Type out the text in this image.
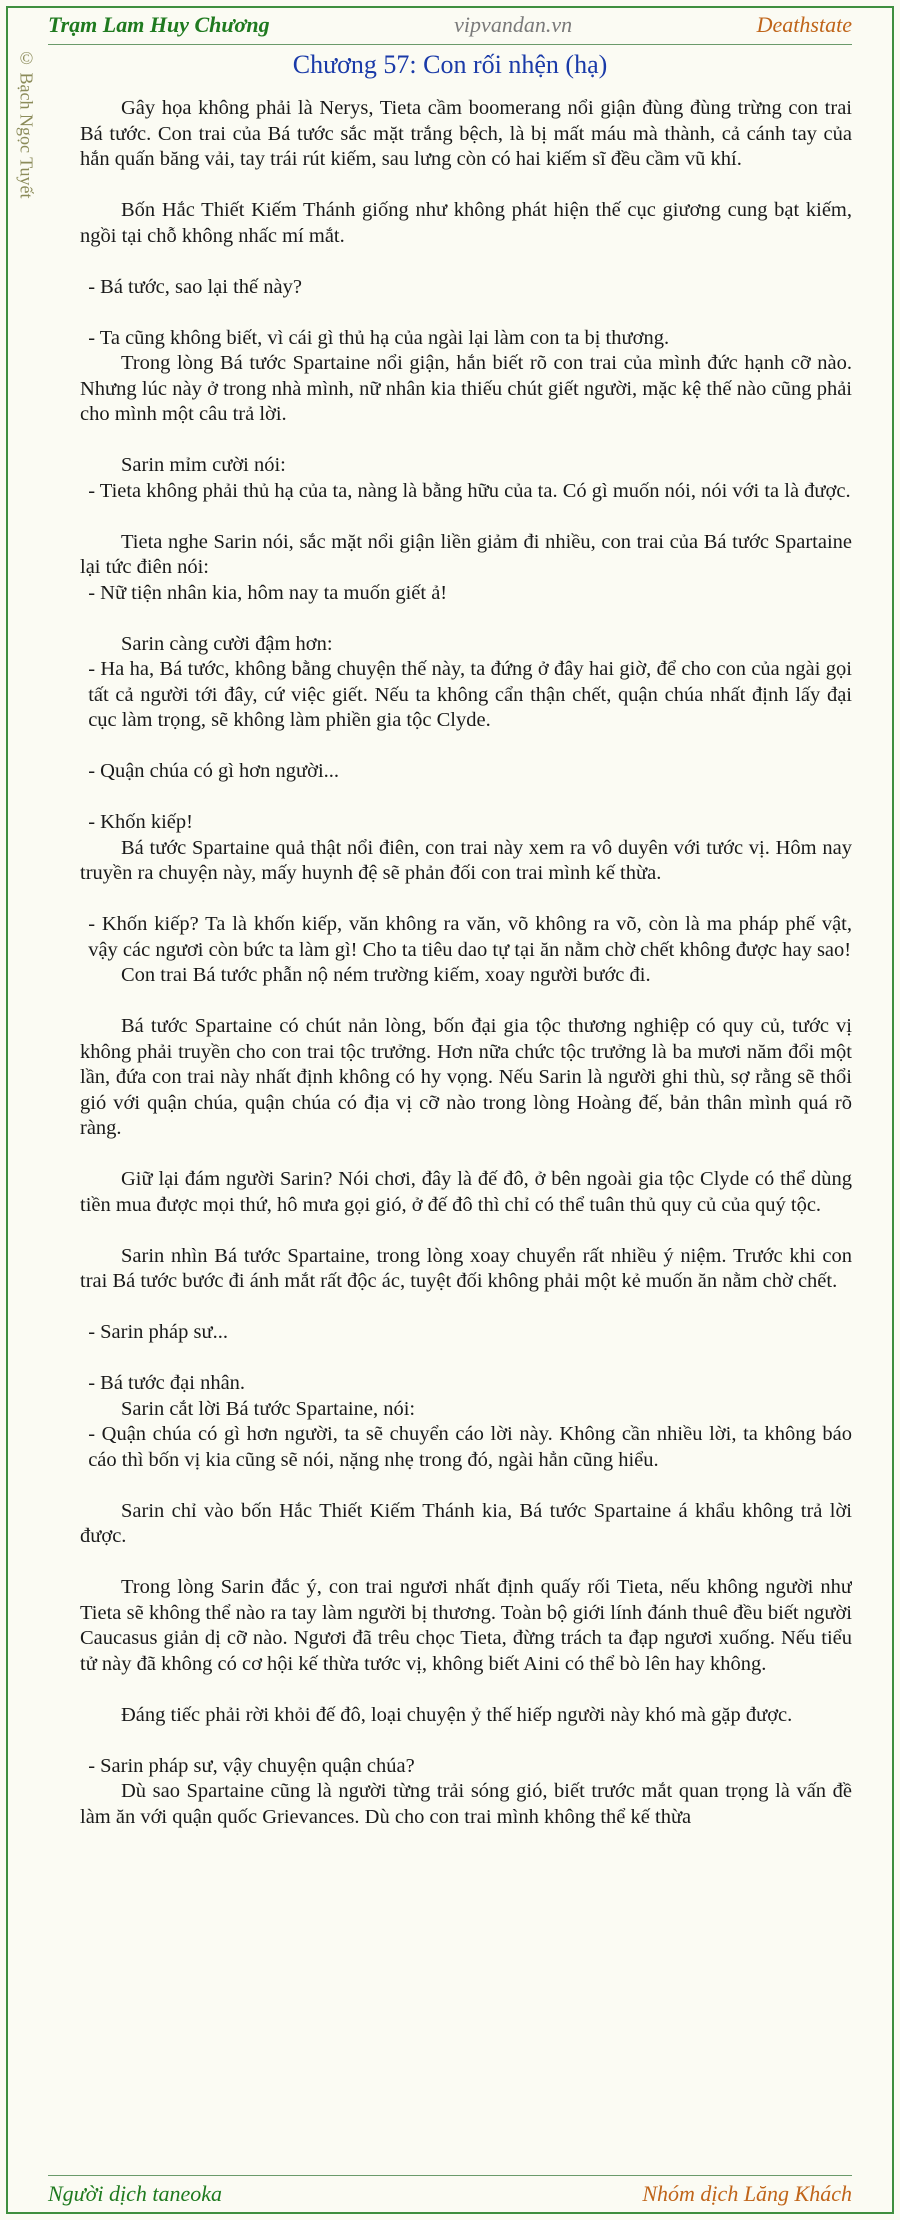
Trạm Lam Huy Chương	vipvandan.vn	Deathstate
© Bạch Ngọc Tuyết	Chương 57: Con rối nhện (hạ)

Gây họa không phải là Nerys, Tieta cầm boomerang nổi giận đùng đùng trừng con trai Bá tước. Con trai của Bá tước sắc mặt trắng bệch, là bị mất máu mà thành, cả cánh tay của hắn quấn băng vải, tay trái rút kiếm, sau lưng còn có hai kiếm sĩ đều cầm vũ khí.

Bốn Hắc Thiết Kiếm Thánh giống như không phát hiện thế cục giương cung bạt kiếm, ngồi tại chỗ không nhấc mí mắt.

- Bá tước, sao lại thế này?

- Ta cũng không biết, vì cái gì thủ hạ của ngài lại làm con ta bị thương.

Trong lòng Bá tước Spartaine nổi giận, hắn biết rõ con trai của mình đức hạnh cỡ nào. Nhưng lúc này ở trong nhà mình, nữ nhân kia thiếu chút giết người, mặc kệ thế nào cũng phải cho mình một câu trả lời.

Sarin mỉm cười nói:

- Tieta không phải thủ hạ của ta, nàng là bằng hữu của ta. Có gì muốn nói, nói với ta là được.

Tieta nghe Sarin nói, sắc mặt nổi giận liền giảm đi nhiều, con trai của Bá tước Spartaine lại tức điên nói:

- Nữ tiện nhân kia, hôm nay ta muốn giết ả!

Sarin càng cười đậm hơn:

- Ha ha, Bá tước, không bằng chuyện thế này, ta đứng ở đây hai giờ, để cho con của ngài gọi tất cả người tới đây, cứ việc giết. Nếu ta không cẩn thận chết, quận chúa nhất định lấy đại cục làm trọng, sẽ không làm phiền gia tộc Clyde.

- Quận chúa có gì hơn người...

- Khốn kiếp!

Bá tước Spartaine quả thật nổi điên, con trai này xem ra vô duyên với tước vị. Hôm nay truyền ra chuyện này, mấy huynh đệ sẽ phản đối con trai mình kế thừa.

- Khốn kiếp? Ta là khốn kiếp, văn không ra văn, võ không ra võ, còn là ma pháp phế vật, vậy các ngươi còn bức ta làm gì! Cho ta tiêu dao tự tại ăn nằm chờ chết không được hay sao!

Con trai Bá tước phẫn nộ ném trường kiếm, xoay người bước đi.

Bá tước Spartaine có chút nản lòng, bốn đại gia tộc thương nghiệp có quy củ, tước vị không phải truyền cho con trai tộc trưởng. Hơn nữa chức tộc trưởng là ba mươi năm đổi một lần, đứa con trai này nhất định không có hy vọng. Nếu Sarin là người ghi thù, sợ rằng sẽ thổi gió với quận chúa, quận chúa có địa vị cỡ nào trong lòng Hoàng đế, bản thân mình quá rõ ràng.

Giữ lại đám người Sarin? Nói chơi, đây là đế đô, ở bên ngoài gia tộc Clyde có thể dùng tiền mua được mọi thứ, hô mưa gọi gió, ở đế đô thì chỉ có thể tuân thủ quy củ của quý tộc.

Sarin nhìn Bá tước Spartaine, trong lòng xoay chuyển rất nhiều ý niệm. Trước khi con trai Bá tước bước đi ánh mắt rất độc ác, tuyệt đối không phải một kẻ muốn ăn nằm chờ chết.

- Sarin pháp sư...

- Bá tước đại nhân.

Sarin cắt lời Bá tước Spartaine, nói:

- Quận chúa có gì hơn người, ta sẽ chuyển cáo lời này. Không cần nhiều lời, ta không báo cáo thì bốn vị kia cũng sẽ nói, nặng nhẹ trong đó, ngài hẳn cũng hiểu.

Sarin chỉ vào bốn Hắc Thiết Kiếm Thánh kia, Bá tước Spartaine á khẩu không trả lời được.

Trong lòng Sarin đắc ý, con trai ngươi nhất định quấy rối Tieta, nếu không người như Tieta sẽ không thể nào ra tay làm người bị thương. Toàn bộ giới lính đánh thuê đều biết người Caucasus giản dị cỡ nào. Ngươi đã trêu chọc Tieta, đừng trách ta đạp ngươi xuống. Nếu tiểu tử này đã không có cơ hội kế thừa tước vị, không biết Aini có thể bò lên hay không.

Đáng tiếc phải rời khỏi đế đô, loại chuyện ỷ thế hiếp người này khó mà gặp được.

- Sarin pháp sư, vậy chuyện quận chúa?

Dù sao Spartaine cũng là người từng trải sóng gió, biết trước mắt quan trọng là vấn đề làm ăn với quận quốc Grievances. Dù cho con trai mình không thể kế thừa

Người dịch taneoka	Nhóm dịch Lăng Khách
